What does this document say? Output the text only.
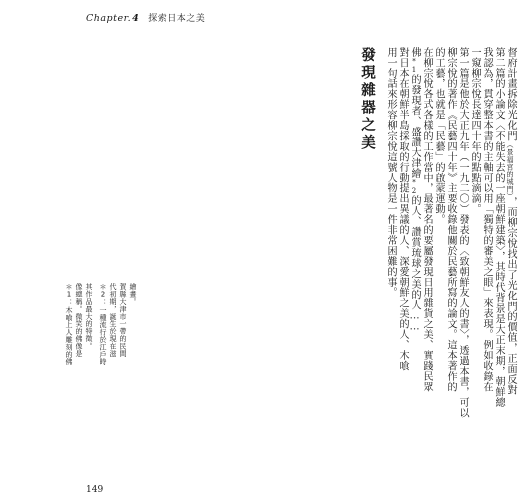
Chapter. 4 探索日本之美
發現雜器之美 用一句話來形容柳宗悅這號人物是一件非常困難的事。 對日本在朝鮮半島採取的行動提出異議的人、深愛朝鮮之美的人、木喰 佛*1的發現者、盛讚大津繪*2的人、讚賞琉球之美的人…… 在柳宗悅各式各樣的工作當中，最著名的要屬發現日用雜貨之美、實踐民眾 的工藝，也就是「民藝」的啟蒙運動。 柳宗悅的著作《民藝四十年》主要收錄他關於民藝所寫的論文。這本著作的 第一篇是他於大正九年（一九二〇）發表的〈致朝鮮友人的書〉，透過本書，可以 一窺柳宗悅長達四十年的點點滴滴。 我認為，貫穿整本書的主軸可以用「獨特的審美之眼」來表現。例如收錄在 第二篇的小論文〈不能失去的一座朝鮮建築〉，其時代背景是大正末期，朝鮮總 督府計畫拆除光化門（景福宮的城門），而柳宗悅找出了光化門的價值，正面反對
＊1：木喰上人雕刻的佛 像總稱。微笑的佛像是 其作品最大的特徵。 ＊2：一種流行於江戶時 代初期，誕生於現在滋 賀縣大津市一帶的民間 繪畫。
149
